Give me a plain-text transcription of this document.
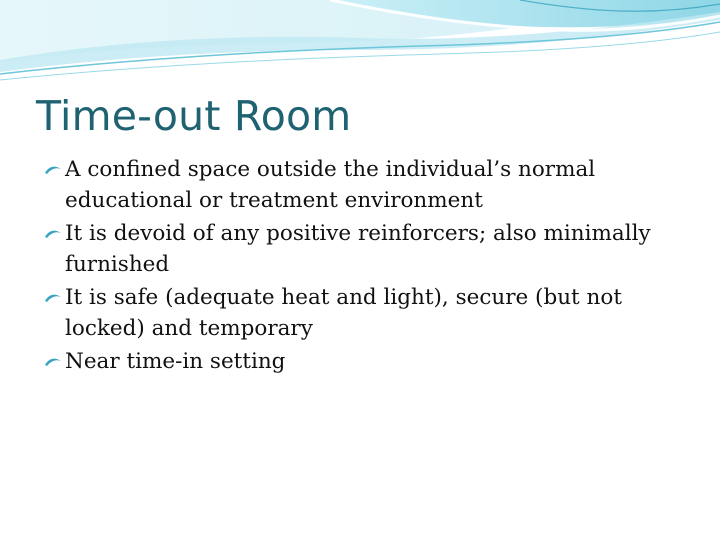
Time-out Room
A confined space outside the individual’s normal educational or treatment environment
It is devoid of any positive reinforcers; also minimally furnished
It is safe (adequate heat and light), secure (but not locked) and temporary
Near time-in setting
